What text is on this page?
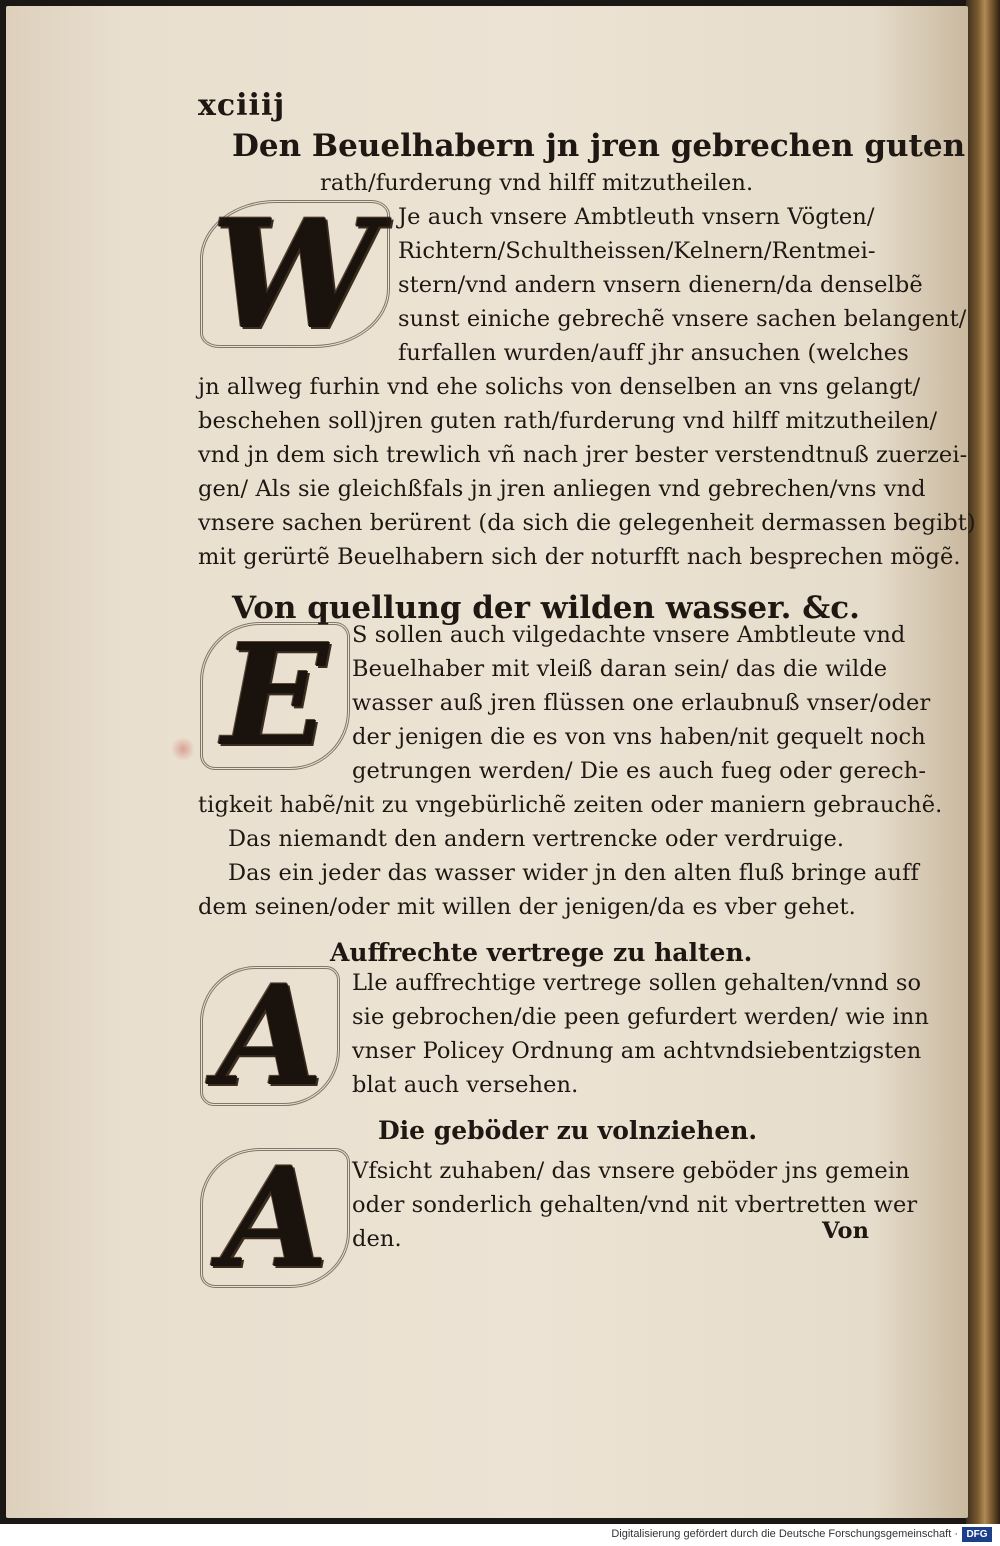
xciiij
Den Beuelhabern jn jren gebrechen guten
rath/furderung vnd hilff mitzutheilen.
W Je auch vnsere Ambtleuth vnsern Vögten/
Richtern/Schultheissen/Kelnern/Rentmei-
stern/vnd andern vnsern dienern/da denselbẽ
sunst einiche gebrechẽ vnsere sachen belangent/
furfallen wurden/auff jhr ansuchen (welches
jn allweg furhin vnd ehe solichs von denselben an vns gelangt/
beschehen soll)jren guten rath/furderung vnd hilff mitzutheilen/
vnd jn dem sich trewlich vñ nach jrer bester verstendtnuß zuerzei-
gen/ Als sie gleichßfals jn jren anliegen vnd gebrechen/vns vnd
vnsere sachen berürent (da sich die gelegenheit dermassen begibt)
mit gerürtẽ Beuelhabern sich der noturfft nach besprechen mögẽ.
Von quellung der wilden wasser. &c.
E	S sollen auch vilgedachte vnsere Ambtleute vnd
Beuelhaber mit vleiß daran sein/ das die wilde
wasser auß jren flüssen one erlaubnuß vnser/oder
der jenigen die es von vns haben/nit gequelt noch
getrungen werden/ Die es auch fueg oder gerech-
tigkeit habẽ/nit zu vngebürlichẽ zeiten oder maniern gebrauchẽ.
Das niemandt den andern vertrencke oder verdruige.
Das ein jeder das wasser wider jn den alten fluß bringe auff
dem seinen/oder mit willen der jenigen/da es vber gehet.
Auffrechte vertrege zu halten.
A	Lle auffrechtige vertrege sollen gehalten/vnnd so
sie gebrochen/die peen gefurdert werden/ wie inn
vnser Policey Ordnung am achtvndsiebentzigsten
blat auch versehen.
Die geböder zu volnziehen.
A	Vfsicht zuhaben/ das vnsere geböder jns gemein
oder sonderlich gehalten/vnd nit vbertretten wer
den.	Von
Digitalisierung gefördert durch die Deutsche Forschungsgemeinschaft · DFG
